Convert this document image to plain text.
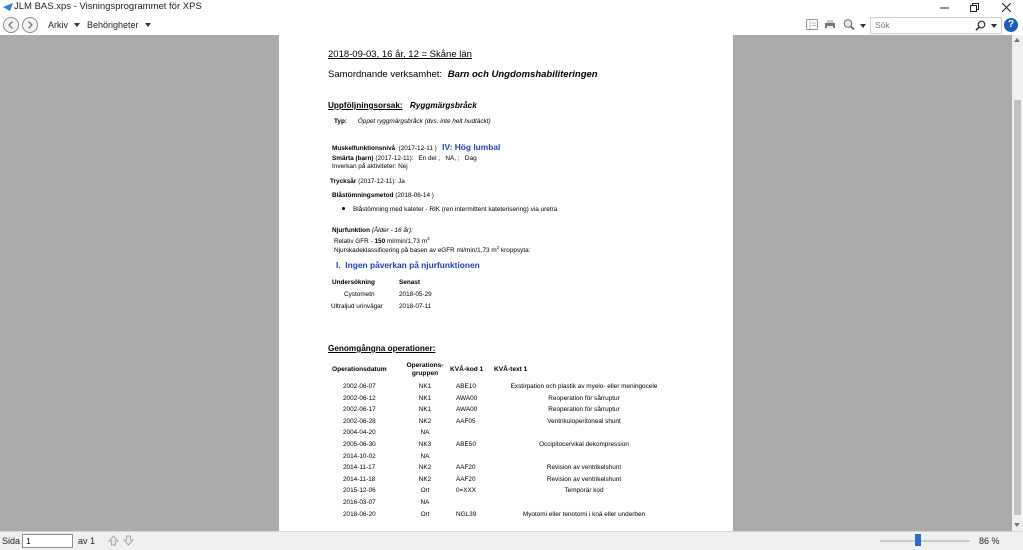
JLM BAS.xps - Visningsprogrammet för XPS
Arkiv	Behörigheter
Sök	?
2018-09-03, 16 år, 12 = Skåne län
Samordnande verksamhet: Barn och Ungdomshabiliteringen
Uppföljningsorsak: Ryggmärgsbråck
Typ: Öppet ryggmärgsbråck (dvs. inte helt hudtäckt)
Muskelfunktionsnivå (2017-12-11 ) IV: Hög lumbal
Smärta (barn) (2017-12-11): En del ;   NA, ;   Dag
Inverkan på aktiviteter: Nej
Trycksår (2017-12-11): Ja
Blåstömningsmetod (2018-06-14 )
Blåstömning med kateter - RIK (ren intermittent kateterisering) via uretra
Njurfunktion (Ålder - 16 år):
Relativ GFR - 150 ml/min/1,73 $m^2$
Njurskadeklassificering på basen av eGFR ml/min/1,73 $m^2$ kroppsyta:
I.  Ingen påverkan på njurfunktionen
Undersökning	Senast
Cystometri	2018-05-29
Ultraljud urinvägar	2018-07-11
Genomgångna operationer:
Operationsdatum	Operations-
gruppen	KVÅ-kod 1	KVÅ-text 1

2002-06-07	NK1	ABE10	Exstirpation och plastik av myelo- eller meningocele
2002-06-12	NK1	AWA00	Reoperation för sårruptur
2002-06-17	NK1	AWA00	Reoperation för sårruptur
2002-06-28	NK2	AAF05	Ventrikuloperitoneal shunt
2004-04-20	NA		
2005-06-30	NK3	ABE50	Occipitocervikal dekompression
2014-10-02	NA		
2014-11-17	NK2	AAF20	Revision av ventrikelshunt
2014-11-18	NK2	AAF20	Revision av ventrikelshunt
2015-12-06	Ort	0=XXX	Temporär kod
2016-03-07	NA		
2018-06-20	Ort	NGL39	Myotomi eller tenotomi i knä eller underben
Sida
1	av 1	86 %
